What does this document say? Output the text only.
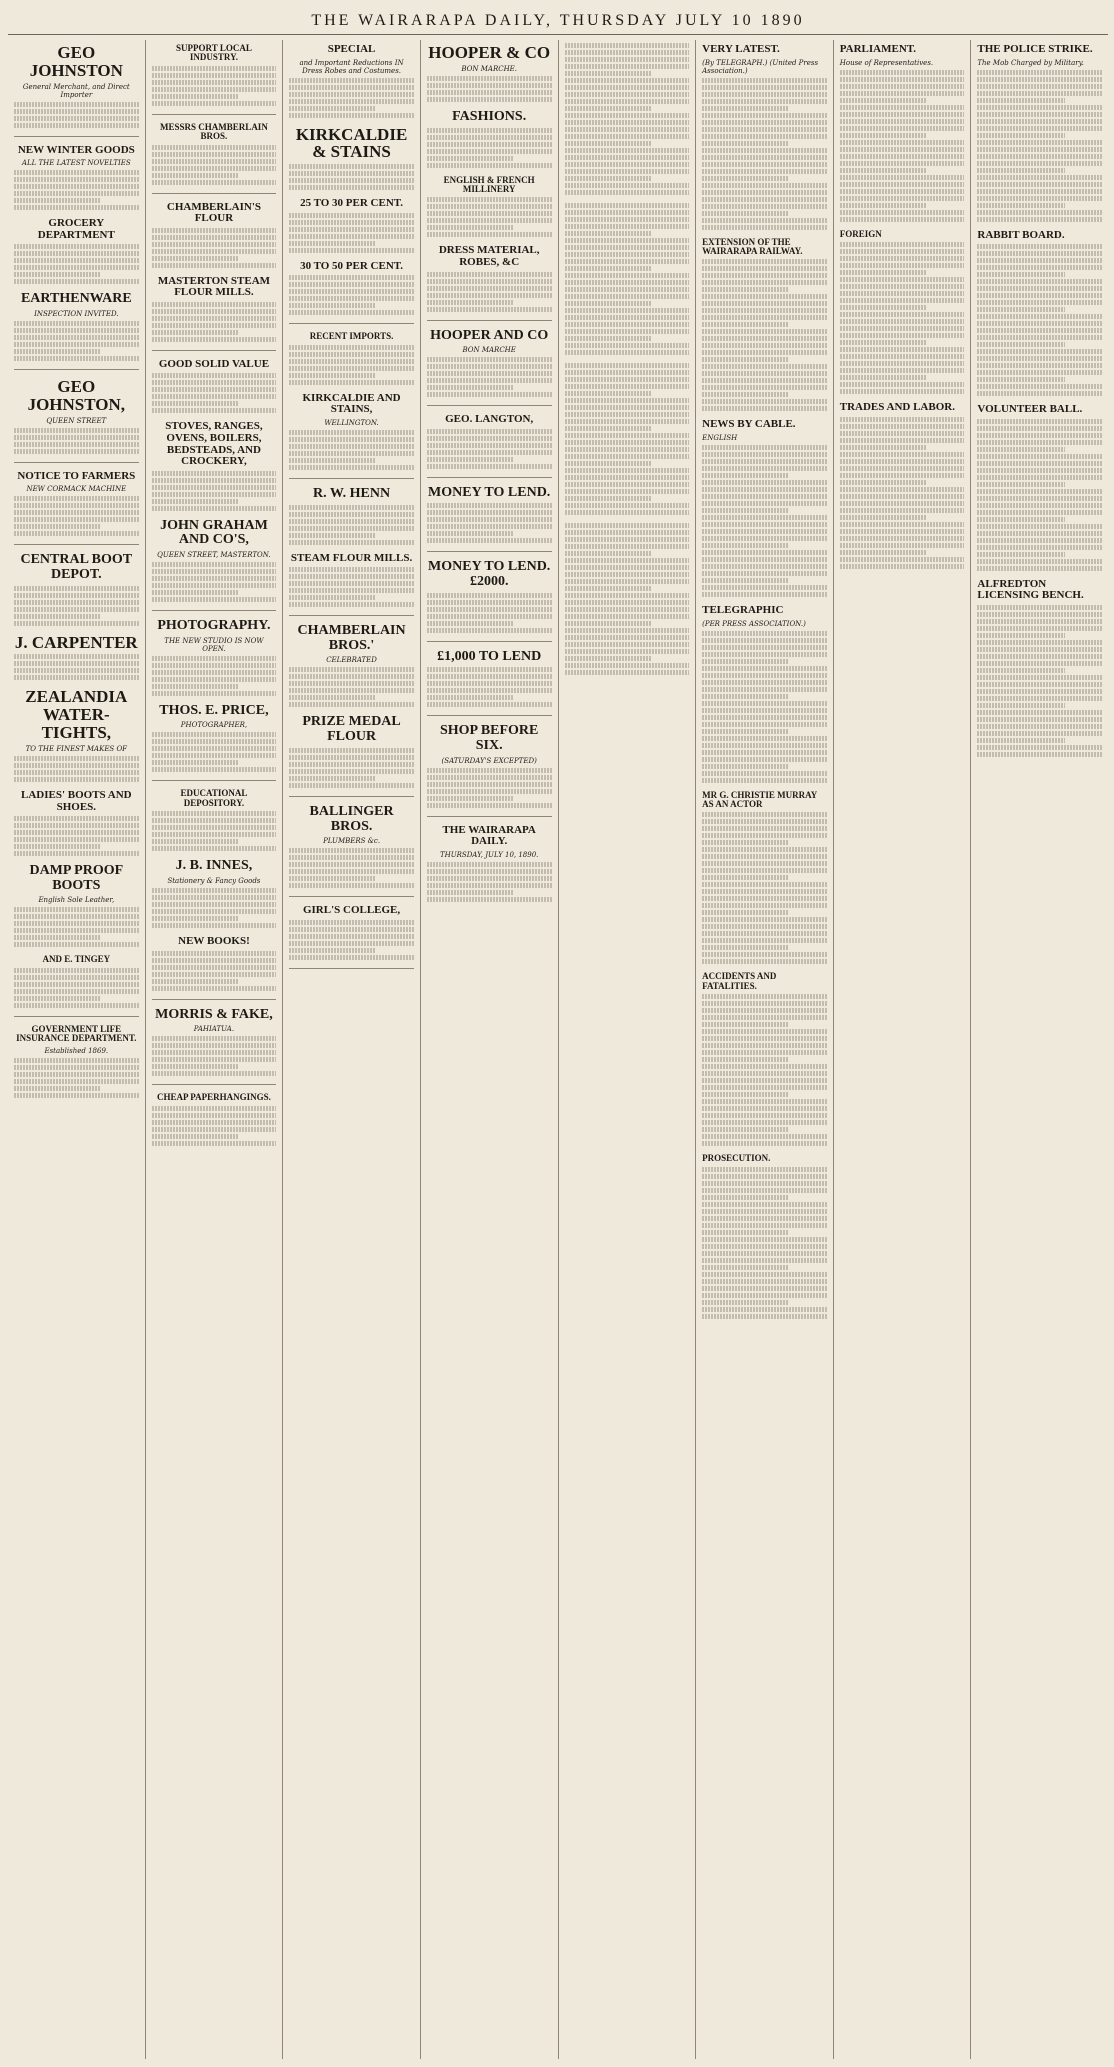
THE WAIRARAPA DAILY, THURSDAY JULY 10 1890
GEO JOHNSTON
General Merchant, and Direct Importer
NEW WINTER GOODS
ALL THE LATEST NOVELTIES
GROCERY DEPARTMENT
EARTHENWARE
INSPECTION INVITED.
GEO JOHNSTON,
QUEEN STREET
NOTICE TO FARMERS
NEW CORMACK MACHINE
CENTRAL BOOT DEPOT.
J. CARPENTER
ZEALANDIA WATER-TIGHTS,
TO THE FINEST MAKES OF
LADIES' BOOTS AND SHOES.
DAMP PROOF BOOTS
English Sole Leather,
AND E. TINGEY
GOVERNMENT LIFE INSURANCE DEPARTMENT.
Established 1869.
SUPPORT LOCAL INDUSTRY.
MESSRS CHAMBERLAIN BROS.
CHAMBERLAIN'S FLOUR
MASTERTON STEAM FLOUR MILLS.
GOOD SOLID VALUE
STOVES, RANGES, OVENS, BOILERS, BEDSTEADS, AND CROCKERY,
JOHN GRAHAM AND CO'S,
QUEEN STREET, MASTERTON.
PHOTOGRAPHY.
THE NEW STUDIO IS NOW OPEN.
THOS. E. PRICE,
PHOTOGRAPHER,
EDUCATIONAL DEPOSITORY.
J. B. INNES,
Stationery & Fancy Goods
NEW BOOKS!
MORRIS & FAKE,
PAHIATUA.
CHEAP PAPERHANGINGS.
SPECIAL
and Important Reductions IN Dress Robes and Costumes.
KIRKCALDIE & STAINS
25 TO 30 PER CENT.
30 TO 50 PER CENT.
RECENT IMPORTS.
KIRKCALDIE AND STAINS,
WELLINGTON.
R. W. HENN
STEAM FLOUR MILLS.
CHAMBERLAIN BROS.'
CELEBRATED
PRIZE MEDAL FLOUR
BALLINGER BROS.
PLUMBERS &c.
GIRL'S COLLEGE,
HOOPER & CO
BON MARCHE.
FASHIONS.
ENGLISH & FRENCH MILLINERY
DRESS MATERIAL, ROBES, &C
HOOPER AND CO
BON MARCHE
GEO. LANGTON,
MONEY TO LEND.
MONEY TO LEND. £2000.
£1,000 TO LEND
SHOP BEFORE SIX.
(SATURDAY'S EXCEPTED)
THE WAIRARAPA DAILY.
THURSDAY, JULY 10, 1890.
VERY LATEST.
(By TELEGRAPH.) (United Press Association.)
EXTENSION OF THE WAIRARAPA RAILWAY.
NEWS BY CABLE.
ENGLISH
TELEGRAPHIC
(PER PRESS ASSOCIATION.)
MR G. CHRISTIE MURRAY AS AN ACTOR
ACCIDENTS AND FATALITIES.
PROSECUTION.
PARLIAMENT.
House of Representatives.
FOREIGN
TRADES AND LABOR.
THE POLICE STRIKE.
The Mob Charged by Military.
RABBIT BOARD.
VOLUNTEER BALL.
ALFREDTON LICENSING BENCH.
